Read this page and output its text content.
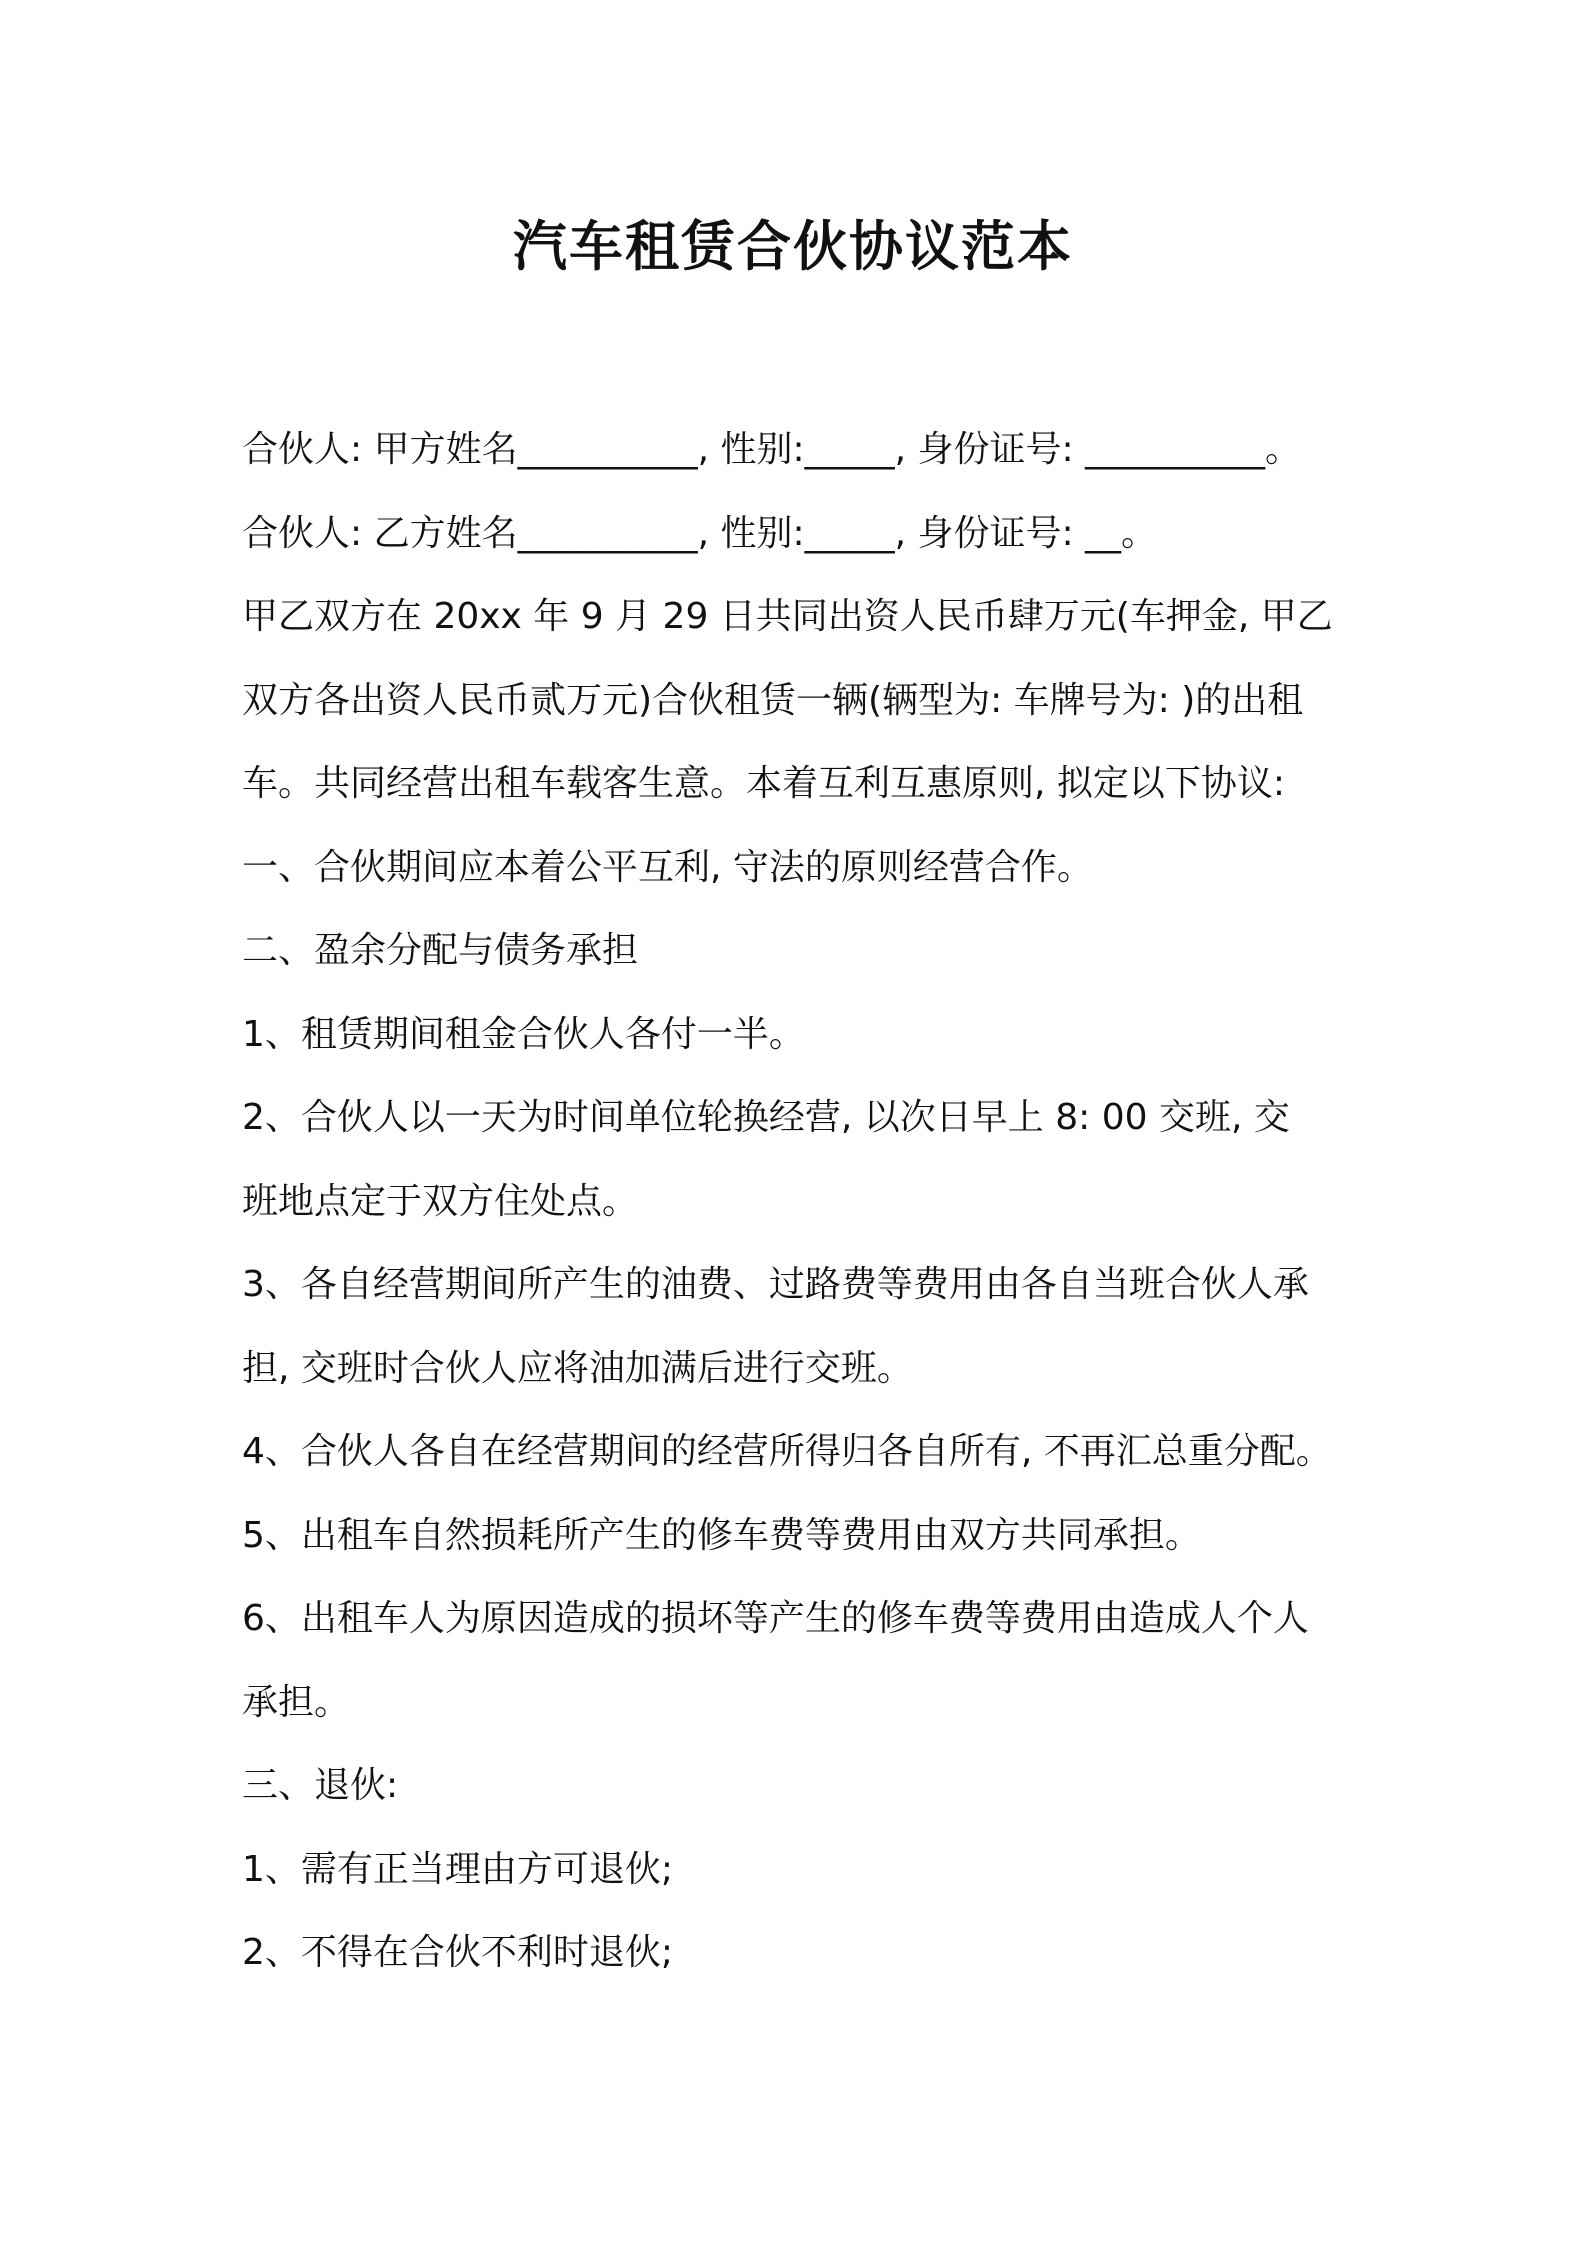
汽车租赁合伙协议范本

合伙人: 甲方姓名__________, 性别:_____, 身份证号: __________。

合伙人: 乙方姓名__________, 性别:_____, 身份证号: __。

甲乙双方在 20xx 年 9 月 29 日共同出资人民币肆万元(车押金, 甲乙

双方各出资人民币贰万元)合伙租赁一辆(辆型为: 车牌号为: )的出租

车。共同经营出租车载客生意。本着互利互惠原则, 拟定以下协议:

一、合伙期间应本着公平互利, 守法的原则经营合作。

二、盈余分配与债务承担

1、租赁期间租金合伙人各付一半。

2、合伙人以一天为时间单位轮换经营, 以次日早上 8: 00 交班, 交

班地点定于双方住处点。

3、各自经营期间所产生的油费、过路费等费用由各自当班合伙人承

担, 交班时合伙人应将油加满后进行交班。

4、合伙人各自在经营期间的经营所得归各自所有, 不再汇总重分配。

5、出租车自然损耗所产生的修车费等费用由双方共同承担。

6、出租车人为原因造成的损坏等产生的修车费等费用由造成人个人

承担。

三、退伙:

1、需有正当理由方可退伙;

2、不得在合伙不利时退伙;
